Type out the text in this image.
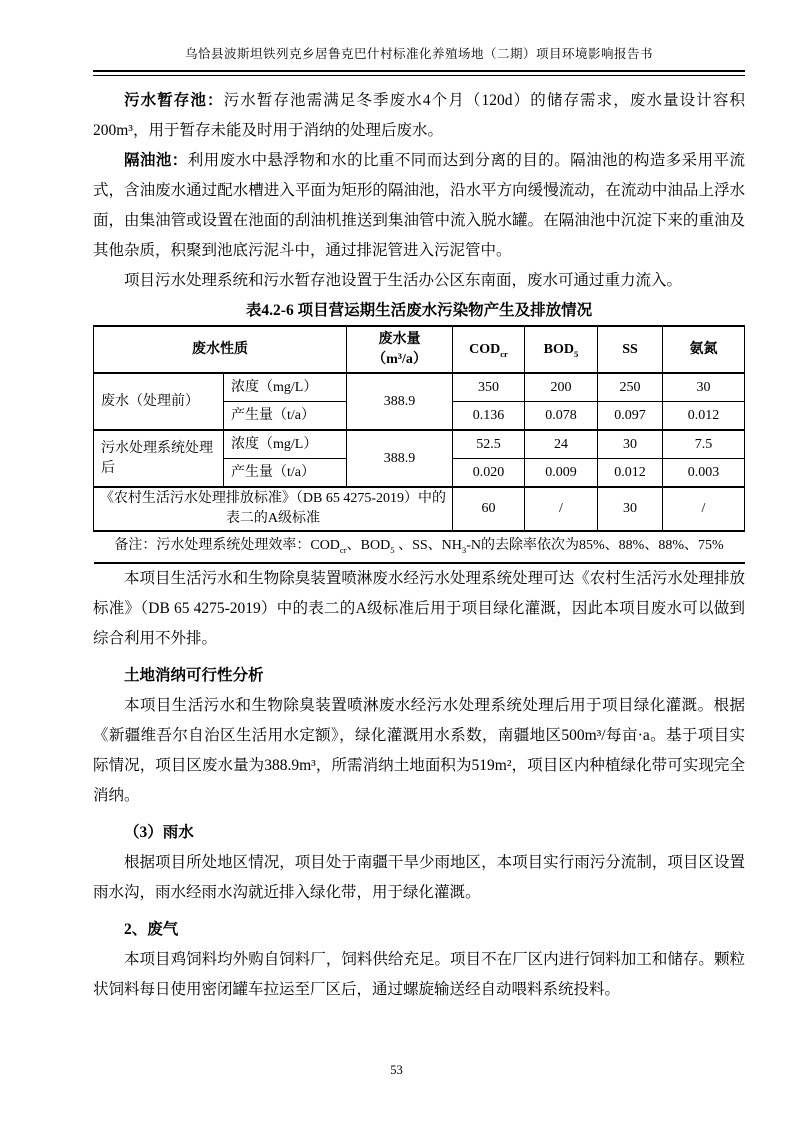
乌恰县波斯坦铁列克乡居鲁克巴什村标准化养殖场地（二期）项目环境影响报告书

污水暂存池：污水暂存池需满足冬季废水4个月（120d）的储存需求，废水量设计容积200m³，用于暂存未能及时用于消纳的处理后废水。

隔油池：利用废水中悬浮物和水的比重不同而达到分离的目的。隔油池的构造多采用平流式，含油废水通过配水槽进入平面为矩形的隔油池，沿水平方向缓慢流动，在流动中油品上浮水面，由集油管或设置在池面的刮油机推送到集油管中流入脱水罐。在隔油池中沉淀下来的重油及其他杂质，积聚到池底污泥斗中，通过排泥管进入污泥管中。

项目污水处理系统和污水暂存池设置于生活办公区东南面，废水可通过重力流入。

表4.2-6 项目营运期生活废水污染物产生及排放情况
废水性质		废水量
（m³/a）	$COD_{cr}$	$BOD_5$	SS	氨氮
废水（处理前）	浓度（mg/L）	388.9	350	200	250	30
	产生量（t/a）		0.136	0.078	0.097	0.012
污水处理系统处理后	浓度（mg/L）	388.9	52.5	24	30	7.5
	产生量（t/a）		0.020	0.009	0.012	0.003
《农村生活污水处理排放标准》（DB 65 4275-2019）中的表二的A级标准			60	/	30	/
备注：污水处理系统处理效率：$COD_{cr}$、$BOD_5$ 、SS、$NH_3-N$的去除率依次为85%、88%、88%、75%						

本项目生活污水和生物除臭装置喷淋废水经污水处理系统处理可达《农村生活污水处理排放标准》（DB 65 4275-2019）中的表二的A级标准后用于项目绿化灌溉，因此本项目废水可以做到综合利用不外排。

土地消纳可行性分析

本项目生活污水和生物除臭装置喷淋废水经污水处理系统处理后用于项目绿化灌溉。根据《新疆维吾尔自治区生活用水定额》，绿化灌溉用水系数，南疆地区500m³/每亩·a。基于项目实际情况，项目区废水量为388.9m³，所需消纳土地面积为519m²，项目区内种植绿化带可实现完全消纳。

（3）雨水

根据项目所处地区情况，项目处于南疆干旱少雨地区，本项目实行雨污分流制，项目区设置雨水沟，雨水经雨水沟就近排入绿化带，用于绿化灌溉。

2、废气

本项目鸡饲料均外购自饲料厂，饲料供给充足。项目不在厂区内进行饲料加工和储存。颗粒状饲料每日使用密闭罐车拉运至厂区后，通过螺旋输送经自动喂料系统投料。

53
